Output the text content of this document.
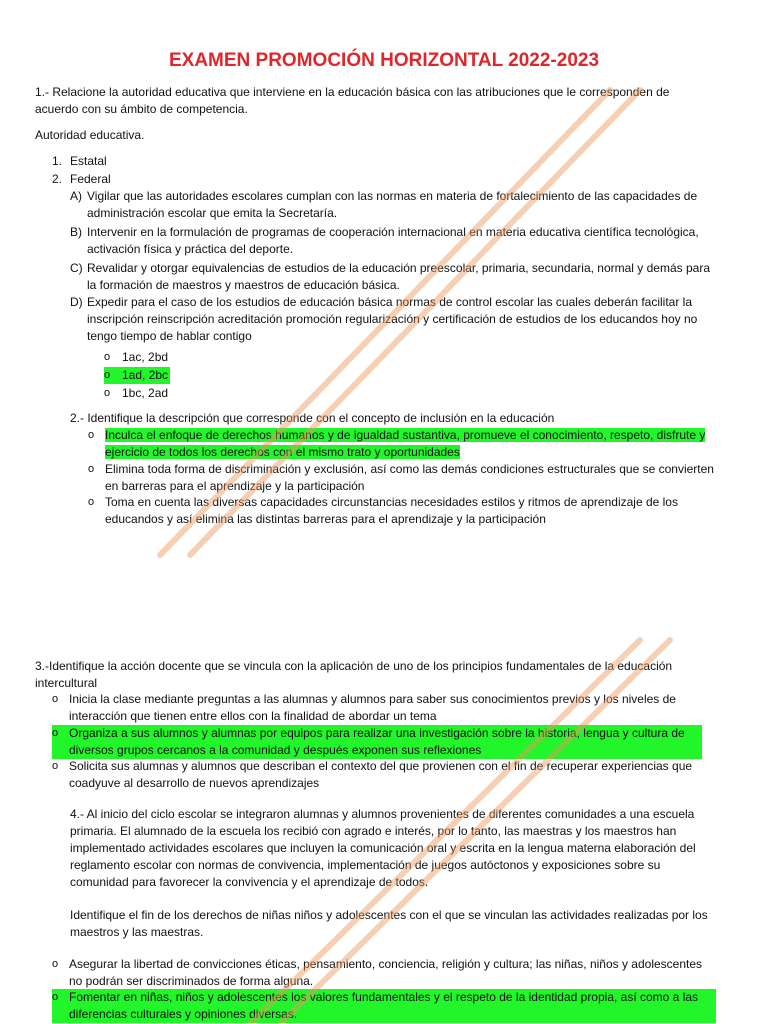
EXAMEN PROMOCIÓN HORIZONTAL 2022-2023

1.- Relacione la autoridad educativa que interviene en la educación básica con las atribuciones que le corresponden de

acuerdo con su ámbito de competencia.

Autoridad educativa.
1. Estatal
2. Federal
A) Vigilar que las autoridades escolares cumplan con las normas en materia de fortalecimiento de las capacidades de

administración escolar que emita la Secretaría.

B) Intervenir en la formulación de programas de cooperación internacional en materia educativa científica tecnológica,

activación física y práctica del deporte.

C) Revalidar y otorgar equivalencias de estudios de la educación preescolar, primaria, secundaria, normal y demás para

la formación de maestros y maestros de educación básica.

D) Expedir para el caso de los estudios de educación básica normas de control escolar las cuales deberán facilitar la

inscripción reinscripción acreditación promoción regularización y certificación de estudios de los educandos hoy no

tengo tiempo de hablar contigo

o 1ac, 2bd
o 1ad, 2bc
o 1bc, 2ad
2.- Identifique la descripción que corresponde con el concepto de inclusión en la educación
o Inculca el enfoque de derechos humanos y de igualdad sustantiva, promueve el conocimiento, respeto, disfrute y

ejercicio de todos los derechos con el mismo trato y oportunidades

o Elimina toda forma de discriminación y exclusión, así como las demás condiciones estructurales que se convierten

en barreras para el aprendizaje y la participación

o Toma en cuenta las diversas capacidades circunstancias necesidades estilos y ritmos de aprendizaje de los

educandos y así elimina las distintas barreras para el aprendizaje y la participación

3.-Identifique la acción docente que se vincula con la aplicación de uno de los principios fundamentales de la educación

intercultural

o Inicia la clase mediante preguntas a las alumnas y alumnos para saber sus conocimientos previos y los niveles de

interacción que tienen entre ellos con la finalidad de abordar un tema

o Organiza a sus alumnos y alumnas por equipos para realizar una investigación sobre la historia, lengua y cultura de

diversos grupos cercanos a la comunidad y después exponen sus reflexiones

o Solicita sus alumnas y alumnos que describan el contexto del que provienen con el fin de recuperar experiencias que

coadyuve al desarrollo de nuevos aprendizajes

4.- Al inicio del ciclo escolar se integraron alumnas y alumnos provenientes de diferentes comunidades a una escuela

primaria. El alumnado de la escuela los recibió con agrado e interés, por lo tanto, las maestras y los maestros han

implementado actividades escolares que incluyen la comunicación oral y escrita en la lengua materna elaboración del

reglamento escolar con normas de convivencia, implementación de juegos autóctonos y exposiciones sobre su

comunidad para favorecer la convivencia y el aprendizaje de todos.

Identifique el fin de los derechos de niñas niños y adolescentes con el que se vinculan las actividades realizadas por los

maestros y las maestras.

o Asegurar la libertad de convicciones éticas, pensamiento, conciencia, religión y cultura; las niñas, niños y adolescentes

no podrán ser discriminados de forma alguna.

o Fomentar en niñas, niños y adolescentes los valores fundamentales y el respeto de la identidad propia, así como a las

diferencias culturales y opiniones diversas.
